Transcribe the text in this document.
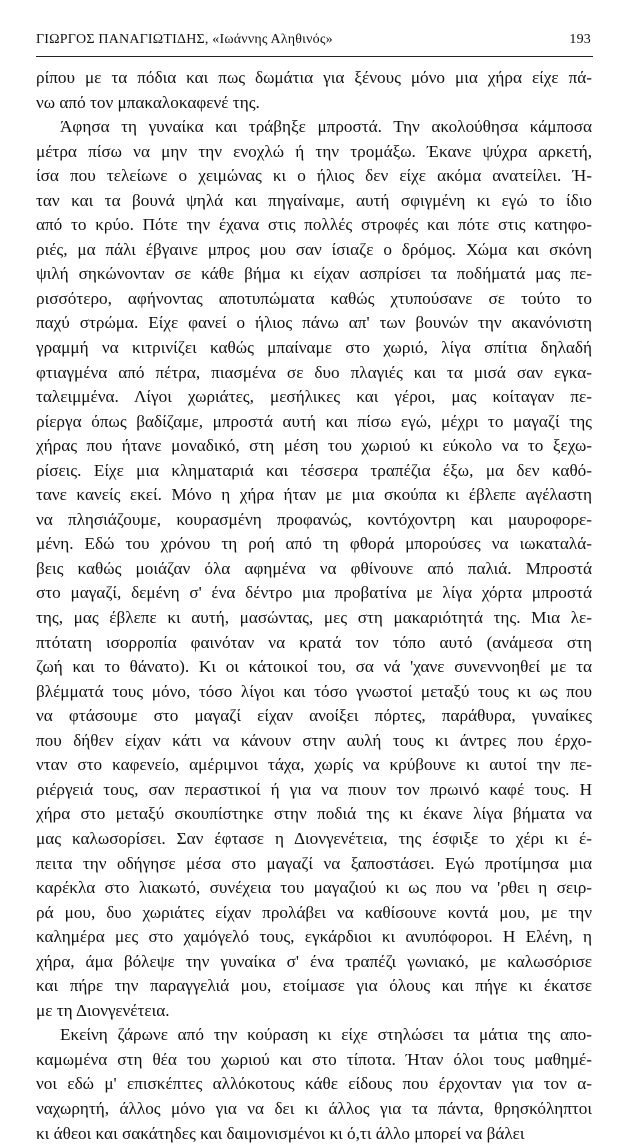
ΓΙΩΡΓΟΣ ΠΑΝΑΓΙΩΤΙΔΗΣ, «Ιωάννης Αληθινός»	193
ρίπου με τα πόδια και πως δωμάτια για ξένους μόνο μια χήρα είχε πά-
νω από τον μπακαλοκαφενέ της.
Άφησα τη γυναίκα και τράβηξε μπροστά. Την ακολούθησα κάμποσα
μέτρα πίσω να μην την ενοχλώ ή την τρομάξω. Έκανε ψύχρα αρκετή,
ίσα που τελείωνε ο χειμώνας κι ο ήλιος δεν είχε ακόμα ανατείλει. Ή-
ταν και τα βουνά ψηλά και πηγαίναμε, αυτή σφιγμένη κι εγώ το ίδιο
από το κρύο. Πότε την έχανα στις πολλές στροφές και πότε στις κατηφο-
ριές, μα πάλι έβγαινε μπρος μου σαν ίσιαζε ο δρόμος. Χώμα και σκόνη
ψιλή σηκώνονταν σε κάθε βήμα κι είχαν ασπρίσει τα ποδήματά μας πε-
ρισσότερο, αφήνοντας αποτυπώματα καθώς χτυπούσανε σε τούτο το
παχύ στρώμα. Είχε φανεί ο ήλιος πάνω απ' των βουνών την ακανόνιστη
γραμμή να κιτρινίζει καθώς μπαίναμε στο χωριό, λίγα σπίτια δηλαδή
φτιαγμένα από πέτρα, πιασμένα σε δυο πλαγιές και τα μισά σαν εγκα-
ταλειμμένα. Λίγοι χωριάτες, μεσήλικες και γέροι, μας κοίταγαν πε-
ρίεργα όπως βαδίζαμε, μπροστά αυτή και πίσω εγώ, μέχρι το μαγαζί της
χήρας που ήτανε μοναδικό, στη μέση του χωριού κι εύκολο να το ξεχω-
ρίσεις. Είχε μια κληματαριά και τέσσερα τραπέζια έξω, μα δεν καθό-
τανε κανείς εκεί. Μόνο η χήρα ήταν με μια σκούπα κι έβλεπε αγέλαστη
να πλησιάζουμε, κουρασμένη προφανώς, κοντόχοντρη και μαυροφορε-
μένη. Εδώ του χρόνου τη ροή από τη φθορά μπορούσες να ιωκαταλά-
βεις καθώς μοιάζαν όλα αφημένα να φθίνουνε από παλιά. Μπροστά
στο μαγαζί, δεμένη σ' ένα δέντρο μια προβατίνα με λίγα χόρτα μπροστά
της, μας έβλεπε κι αυτή, μασώντας, μες στη μακαριότητά της. Μια λε-
πτότατη ισορροπία φαινόταν να κρατά τον τόπο αυτό (ανάμεσα στη
ζωή και το θάνατο). Κι οι κάτοικοί του, σα νά 'χανε συνεννοηθεί με τα
βλέμματά τους μόνο, τόσο λίγοι και τόσο γνωστοί μεταξύ τους κι ως που
να φτάσουμε στο μαγαζί είχαν ανοίξει πόρτες, παράθυρα, γυναίκες
που δήθεν είχαν κάτι να κάνουν στην αυλή τους κι άντρες που έρχο-
νταν στο καφενείο, αμέριμνοι τάχα, χωρίς να κρύβουνε κι αυτοί την πε-
ριέργειά τους, σαν περαστικοί ή για να πιουν τον πρωινό καφέ τους. Η
χήρα στο μεταξύ σκουπίστηκε στην ποδιά της κι έκανε λίγα βήματα να
μας καλωσορίσει. Σαν έφτασε η Διονγενέτεια, της έσφιξε το χέρι κι έ-
πειτα την οδήγησε μέσα στο μαγαζί να ξαποστάσει. Εγώ προτίμησα μια
καρέκλα στο λιακωτό, συνέχεια του μαγαζιού κι ως που να 'ρθει η σειρ-
ρά μου, δυο χωριάτες είχαν προλάβει να καθίσουνε κοντά μου, με την
καλημέρα μες στο χαμόγελό τους, εγκάρδιοι κι ανυπόφοροι. Η Ελένη, η
χήρα, άμα βόλεψε την γυναίκα σ' ένα τραπέζι γωνιακό, με καλωσόρισε
και πήρε την παραγγελιά μου, ετοίμασε για όλους και πήγε κι έκατσε
με τη Διονγενέτεια.
Εκείνη ζάρωνε από την κούραση κι είχε στηλώσει τα μάτια της απο-
καμωμένα στη θέα του χωριού και στο τίποτα. Ήταν όλοι τους μαθημέ-
νοι εδώ μ' επισκέπτες αλλόκοτους κάθε είδους που έρχονταν για τον α-
ναχωρητή, άλλος μόνο για να δει κι άλλος για τα πάντα, θρησκόληπτοι
κι άθεοι και σακάτηδες και δαιμονισμένοι κι ό,τι άλλο μπορεί να βάλει
